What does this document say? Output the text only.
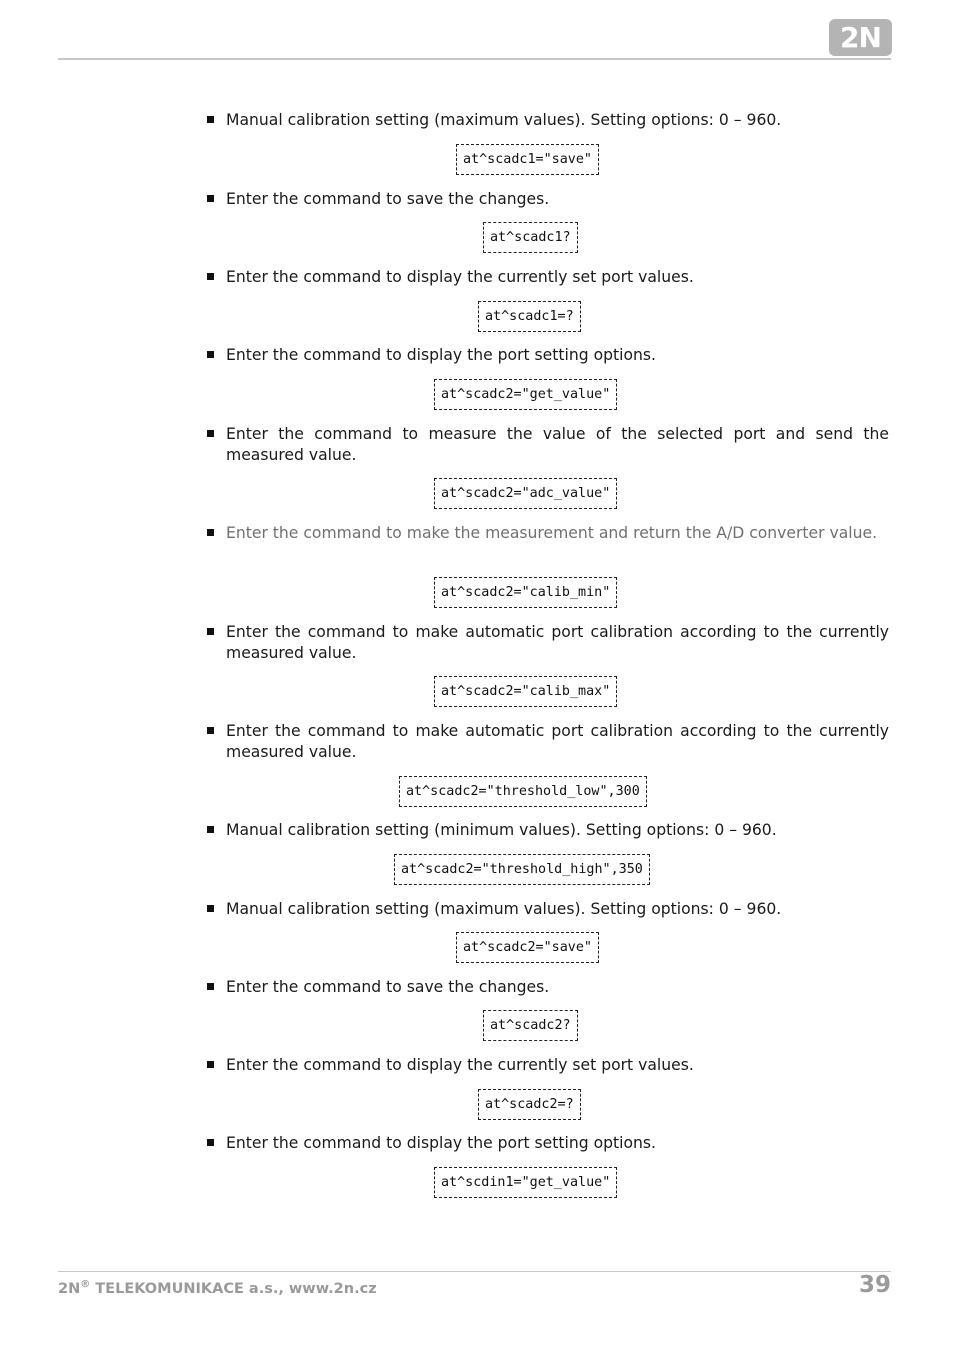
2N
Manual calibration setting (maximum values). Setting options: 0 – 960.
at^scadc1="save"
Enter the command to save the changes.
at^scadc1?
Enter the command to display the currently set port values.
at^scadc1=?
Enter the command to display the port setting options.
at^scadc2="get_value"
Enter the command to measure the value of the selected port and send the measured value.
at^scadc2="adc_value"
Enter the command to make the measurement and return the A/D converter value.
at^scadc2="calib_min"
Enter the command to make automatic port calibration according to the currently measured value.
at^scadc2="calib_max"
Enter the command to make automatic port calibration according to the currently measured value.
at^scadc2="threshold_low",300
Manual calibration setting (minimum values). Setting options: 0 – 960.
at^scadc2="threshold_high",350
Manual calibration setting (maximum values). Setting options: 0 – 960.
at^scadc2="save"
Enter the command to save the changes.
at^scadc2?
Enter the command to display the currently set port values.
at^scadc2=?
Enter the command to display the port setting options.
at^scdin1="get_value"
2N® TELEKOMUNIKACE a.s., www.2n.cz	39
